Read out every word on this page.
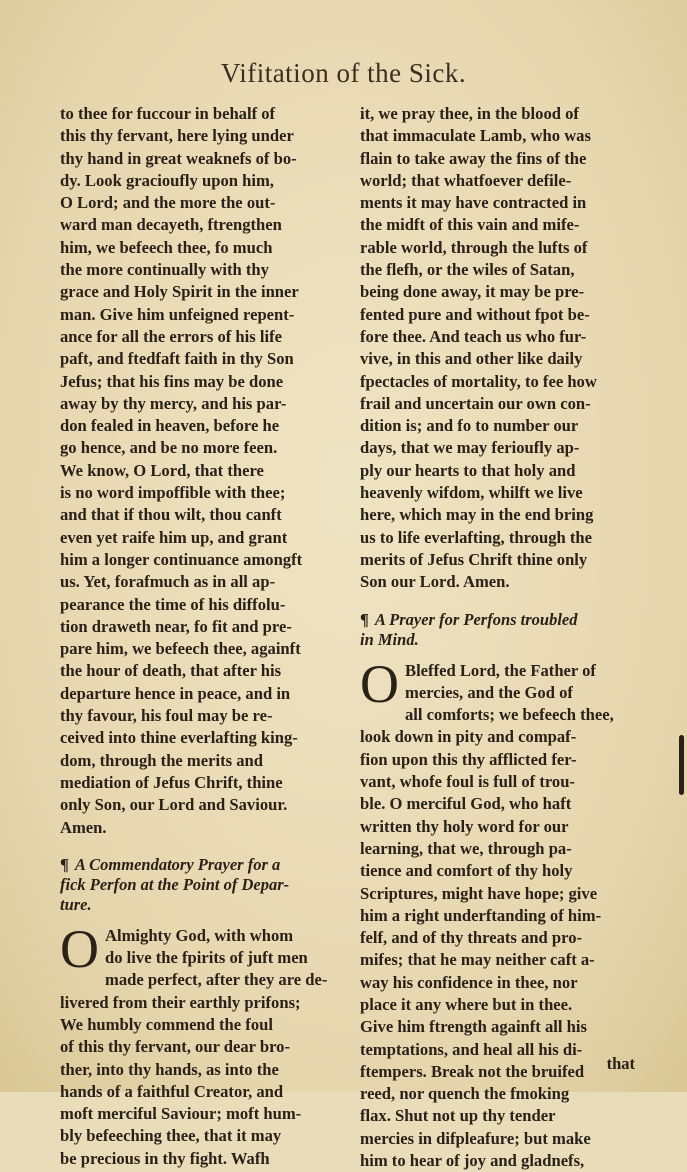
Vifitation of the Sick.

to thee for fuccour in behalf of
this thy fervant, here lying under
thy hand in great weaknefs of bo-
dy. Look gracioufly upon him,
O Lord; and the more the out-
ward man decayeth, ftrengthen
him, we befeech thee, fo much
the more continually with thy
grace and Holy Spirit in the inner
man. Give him unfeigned repent-
ance for all the errors of his life
paft, and ftedfaft faith in thy Son
Jefus; that his fins may be done
away by thy mercy, and his par-
don fealed in heaven, before he
go hence, and be no more feen.
We know, O Lord, that there
is no word impoffible with thee;
and that if thou wilt, thou canft
even yet raife him up, and grant
him a longer continuance amongft
us. Yet, forafmuch as in all ap-
pearance the time of his diffolu-
tion draweth near, fo fit and pre-
pare him, we befeech thee, againft
the hour of death, that after his
departure hence in peace, and in
thy favour, his foul may be re-
ceived into thine everlafting king-
dom, through the merits and
mediation of Jefus Chrift, thine
only Son, our Lord and Saviour.
Amen.

¶ A Commendatory Prayer for a
fick Perfon at the Point of Depar-
ture.

O Almighty God, with whom
do live the fpirits of juft men
made perfect, after they are de-
livered from their earthly prifons;
We humbly commend the foul
of this thy fervant, our dear bro-
ther, into thy hands, as into the
hands of a faithful Creator, and
moft merciful Saviour; moft hum-
bly befeeching thee, that it may
be precious in thy fight. Wafh

it, we pray thee, in the blood of
that immaculate Lamb, who was
flain to take away the fins of the
world; that whatfoever defile-
ments it may have contracted in
the midft of this vain and mife-
rable world, through the lufts of
the flefh, or the wiles of Satan,
being done away, it may be pre-
fented pure and without fpot be-
fore thee. And teach us who fur-
vive, in this and other like daily
fpectacles of mortality, to fee how
frail and uncertain our own con-
dition is; and fo to number our
days, that we may ferioufly ap-
ply our hearts to that holy and
heavenly wifdom, whilft we live
here, which may in the end bring
us to life everlafting, through the
merits of Jefus Chrift thine only
Son our Lord. Amen.

¶ A Prayer for Perfons troubled
in Mind.

O Bleffed Lord, the Father of
mercies, and the God of
all comforts; we befeech thee,
look down in pity and compaf-
fion upon this thy afflicted fer-
vant, whofe foul is full of trou-
ble. O merciful God, who haft
written thy holy word for our
learning, that we, through pa-
tience and comfort of thy holy
Scriptures, might have hope; give
him a right underftanding of him-
felf, and of thy threats and pro-
mifes; that he may neither caft a-
way his confidence in thee, nor
place it any where but in thee.
Give him ftrength againft all his
temptations, and heal all his di-
ftempers. Break not the bruifed
reed, nor quench the fmoking
flax. Shut not up thy tender
mercies in difpleafure; but make
him to hear of joy and gladnefs,

that
